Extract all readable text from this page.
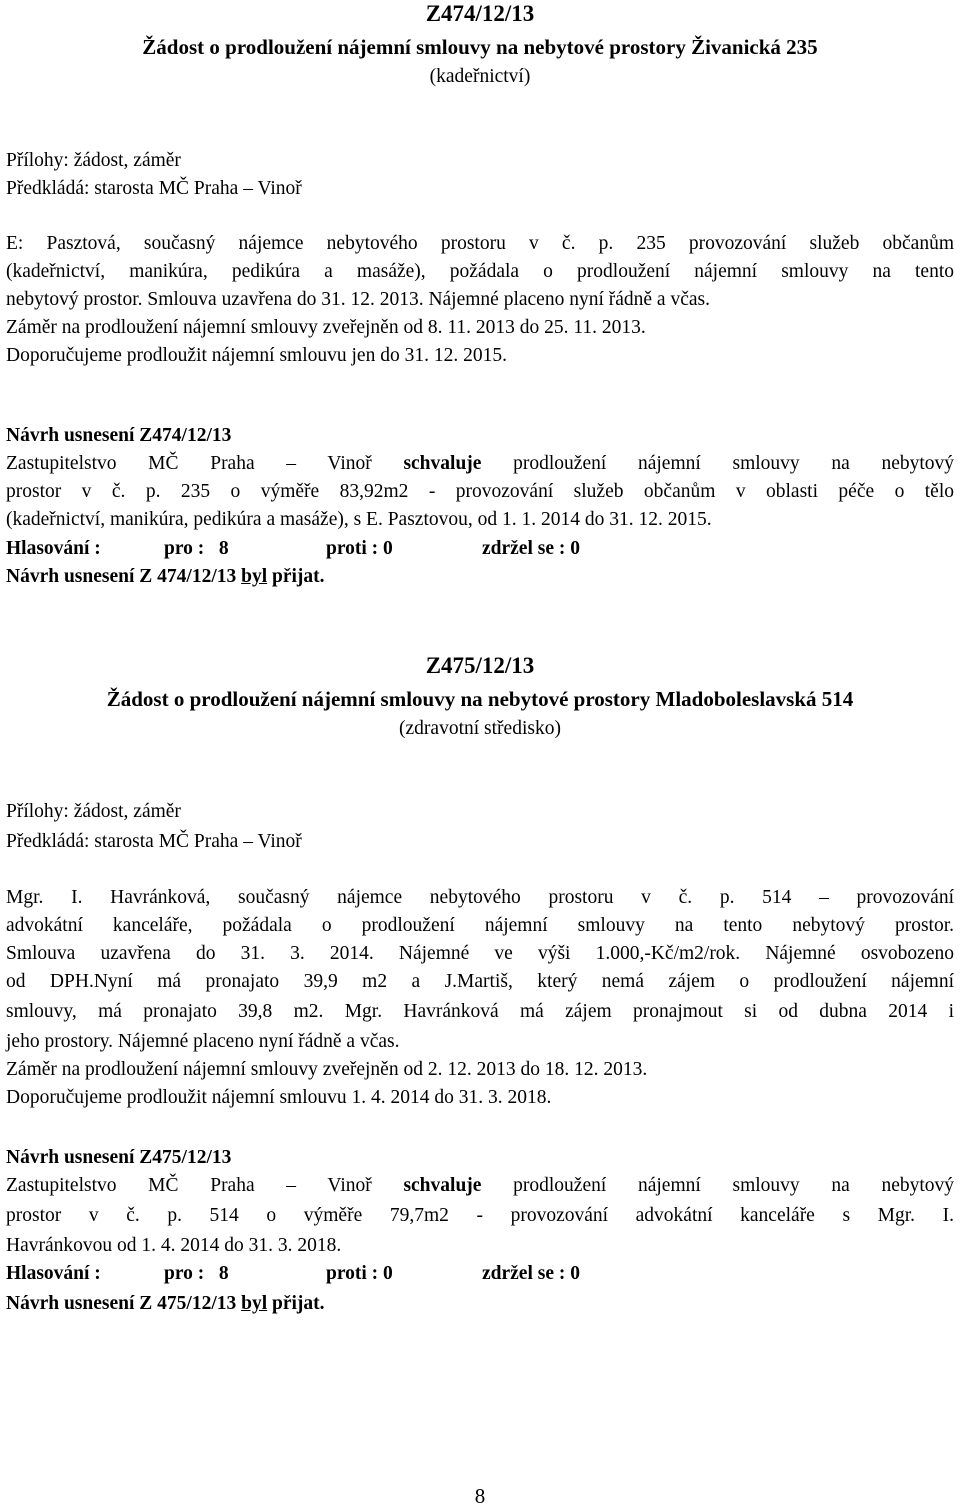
Z474/12/13
Žádost o prodloužení nájemní smlouvy na nebytové prostory Živanická 235
(kadeřnictví)
Přílohy: žádost, záměr
Předkládá: starosta MČ Praha – Vinoř
E: Pasztová, současný nájemce nebytového prostoru v č. p. 235 provozování služeb občanům
(kadeřnictví, manikúra, pedikúra a masáže), požádala o prodloužení nájemní smlouvy na tento
nebytový prostor. Smlouva uzavřena do 31. 12. 2013. Nájemné placeno nyní řádně a včas.
Záměr na prodloužení nájemní smlouvy zveřejněn od 8. 11. 2013 do 25. 11. 2013.
Doporučujeme prodloužit nájemní smlouvu jen do 31. 12. 2015.
Návrh usnesení Z474/12/13
Zastupitelstvo MČ Praha – Vinoř schvaluje prodloužení nájemní smlouvy na nebytový
prostor v č. p. 235 o výměře 83,92m2 - provozování služeb občanům v oblasti péče o tělo
(kadeřnictví, manikúra, pedikúra a masáže), s E. Pasztovou, od 1. 1. 2014 do 31. 12. 2015.
Hlasování :	pro :   8	proti : 0	zdržel se : 0
Návrh usnesení Z 474/12/13 byl přijat.
Z475/12/13
Žádost o prodloužení nájemní smlouvy na nebytové prostory Mladoboleslavská 514
(zdravotní středisko)
Přílohy: žádost, záměr
Předkládá: starosta MČ Praha – Vinoř
Mgr. I. Havránková, současný nájemce nebytového prostoru v č. p. 514 – provozování
advokátní kanceláře, požádala o prodloužení nájemní smlouvy na tento nebytový prostor.
Smlouva uzavřena do 31. 3. 2014. Nájemné ve výši 1.000,-Kč/m2/rok. Nájemné osvobozeno
od DPH.Nyní má pronajato 39,9 m2 a J.Martiš, který nemá zájem o prodloužení nájemní
smlouvy, má pronajato 39,8 m2. Mgr. Havránková má zájem pronajmout si od dubna 2014 i
jeho prostory. Nájemné placeno nyní řádně a včas.
Záměr na prodloužení nájemní smlouvy zveřejněn od 2. 12. 2013 do 18. 12. 2013.
Doporučujeme prodloužit nájemní smlouvu 1. 4. 2014 do 31. 3. 2018.
Návrh usnesení Z475/12/13
Zastupitelstvo MČ Praha – Vinoř schvaluje prodloužení nájemní smlouvy na nebytový
prostor v č. p. 514 o výměře 79,7m2 - provozování advokátní kanceláře s Mgr. I.
Havránkovou od 1. 4. 2014 do 31. 3. 2018.
Hlasování :	pro :   8	proti : 0	zdržel se : 0
Návrh usnesení Z 475/12/13 byl přijat.
8
